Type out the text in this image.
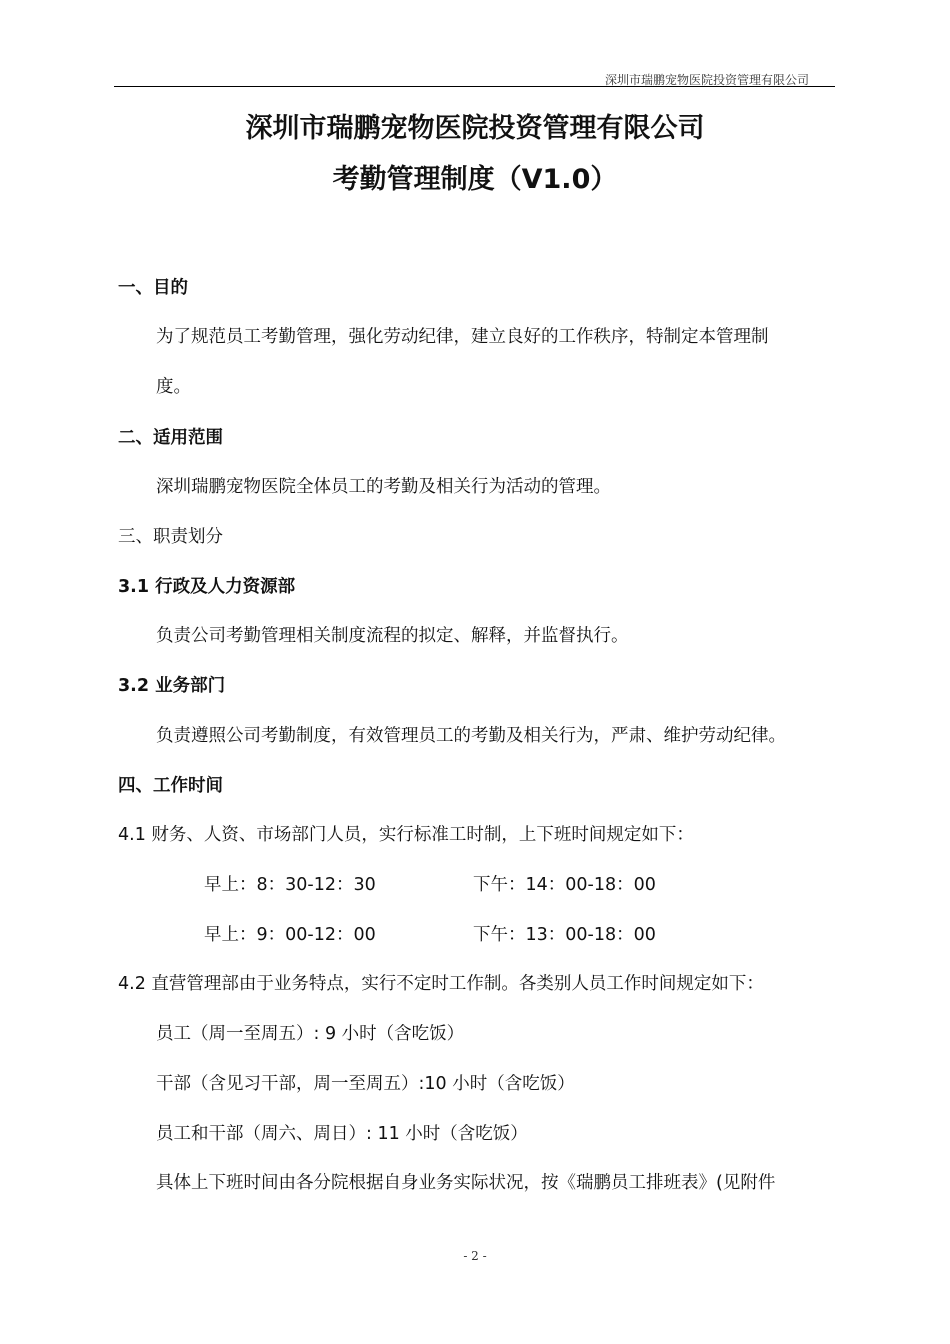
深圳市瑞鹏宠物医院投资管理有限公司
深圳市瑞鹏宠物医院投资管理有限公司
考勤管理制度（V1.0）
一、目的
为了规范员工考勤管理，强化劳动纪律，建立良好的工作秩序，特制定本管理制
度。
二、适用范围
深圳瑞鹏宠物医院全体员工的考勤及相关行为活动的管理。
三、职责划分
3.1 行政及人力资源部
负责公司考勤管理相关制度流程的拟定、解释，并监督执行。
3.2 业务部门
负责遵照公司考勤制度，有效管理员工的考勤及相关行为，严肃、维护劳动纪律。
四、工作时间
4.1 财务、人资、市场部门人员，实行标准工时制，上下班时间规定如下：
早上：8：30-12：30	下午：14：00-18：00
早上：9：00-12：00	下午：13：00-18：00
4.2 直营管理部由于业务特点，实行不定时工作制。各类别人员工作时间规定如下：
员工（周一至周五）: 9 小时（含吃饭）
干部（含见习干部，周一至周五）:10 小时（含吃饭）
员工和干部（周六、周日）: 11 小时（含吃饭）
具体上下班时间由各分院根据自身业务实际状况，按《瑞鹏员工排班表》(见附件
- 2 -
